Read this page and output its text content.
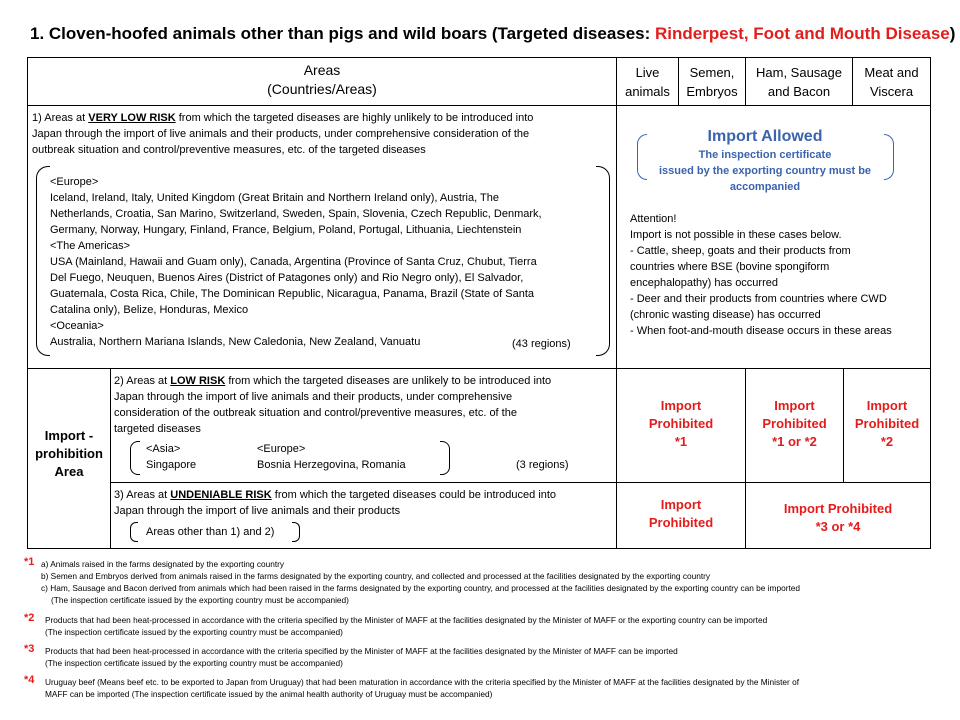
1. Cloven-hoofed animals other than pigs and wild boars (Targeted diseases: Rinderpest, Foot and Mouth Disease)
Areas
(Countries/Areas)
Live
animals
Semen,
Embryos
Ham, Sausage
and Bacon
Meat and
Viscera
1) Areas at VERY LOW RISK from which the targeted diseases are highly unlikely to be introduced into
Japan through the import of live animals and their products, under comprehensive consideration of the
outbreak situation and control/preventive measures, etc. of the targeted diseases
<Europe>
Iceland, Ireland, Italy, United Kingdom (Great Britain and Northern Ireland only), Austria, The
Netherlands, Croatia, San Marino, Switzerland, Sweden, Spain, Slovenia, Czech Republic, Denmark,
Germany, Norway, Hungary, Finland, France, Belgium, Poland, Portugal, Lithuania, Liechtenstein
<The Americas>
USA (Mainland, Hawaii and Guam only), Canada, Argentina (Province of Santa Cruz, Chubut, Tierra
Del Fuego, Neuquen, Buenos Aires (District of Patagones only) and Rio Negro only), El Salvador,
Guatemala, Costa Rica, Chile, The Dominican Republic, Nicaragua, Panama, Brazil (State of Santa
Catalina only), Belize, Honduras, Mexico
<Oceania>
Australia, Northern Mariana Islands, New Caledonia, New Zealand, Vanuatu	(43 regions)
Import Allowed
The inspection certificate
issued by the exporting country must be
accompanied
Attention!
Import is not possible in these cases below.
- Cattle, sheep, goats and their products from
countries where BSE (bovine spongiform
encephalopathy) has occurred
- Deer and their products from countries where CWD
(chronic wasting disease) has occurred
- When foot-and-mouth disease occurs in these areas
Import -
prohibition
Area
2) Areas at LOW RISK from which the targeted diseases are unlikely to be introduced into
Japan through the import of live animals and their products, under comprehensive
consideration of the outbreak situation and control/preventive measures, etc. of the
targeted diseases
<Asia>
Singapore
<Europe>
Bosnia Herzegovina, Romania	(3 regions)
Import
Prohibited
*1
Import
Prohibited
*1 or *2
Import
Prohibited
*2
3) Areas at UNDENIABLE RISK from which the targeted diseases could be introduced into
Japan through the import of live animals and their products
Areas other than 1) and 2)
Import
Prohibited
Import Prohibited
*3 or *4
*1 a) Animals raised in the farms designated by the exporting country
b) Semen and Embryos derived from animals raised in the farms designated by the exporting country, and collected and processed at the facilities designated by the exporting country
c) Ham, Sausage and Bacon derived from animals which had been raised in the farms designated by the exporting country, and processed at the facilities designated by the exporting country can be imported
(The inspection certificate issued by the exporting country must be accompanied)
*2 Products that had been heat-processed in accordance with the criteria specified by the Minister of MAFF at the facilities designated by the Minister of MAFF or the exporting country can be imported
(The inspection certificate issued by the exporting country must be accompanied)
*3 Products that had been heat-processed in accordance with the criteria specified by the Minister of MAFF at the facilities designated by the Minister of MAFF can be imported
(The inspection certificate issued by the exporting country must be accompanied)
*4 Uruguay beef (Means beef etc. to be exported to Japan from Uruguay) that had been maturation in accordance with the criteria specified by the Minister of MAFF at the facilities designated by the Minister of
MAFF can be imported (The inspection certificate issued by the animal health authority of Uruguay must be accompanied)
